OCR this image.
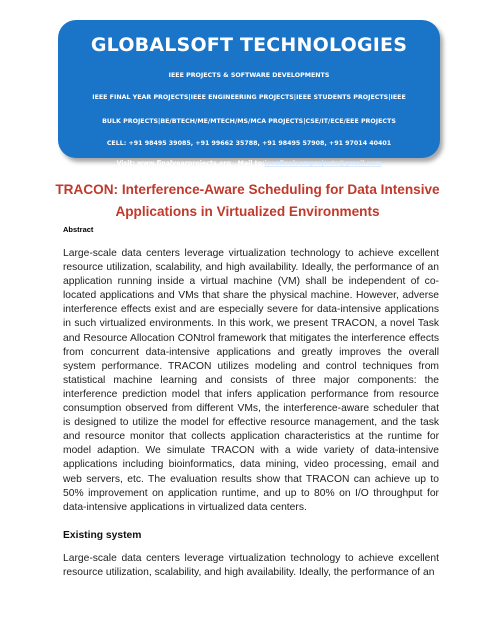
GLOBALSOFT TECHNOLOGIES
IEEE PROJECTS & SOFTWARE DEVELOPMENTS
IEEE FINAL YEAR PROJECTS|IEEE ENGINEERING PROJECTS|IEEE STUDENTS PROJECTS|IEEE
BULK PROJECTS|BE/BTECH/ME/MTECH/MS/MCA PROJECTS|CSE/IT/ECE/EEE PROJECTS
CELL: +91 98495 39085, +91 99662 35788, +91 98495 57908, +91 97014 40401
Visit: www.finalyearprojects.org Mail to:ieeefinalsemprojects@gmail.com
TRACON: Interference-Aware Scheduling for Data Intensive
Applications in Virtualized Environments
Abstract
Large-scale data centers leverage virtualization technology to achieve excellent resource utilization, scalability, and high availability. Ideally, the performance of an application running inside a virtual machine (VM) shall be independent of co-located applications and VMs that share the physical machine. However, adverse interference effects exist and are especially severe for data-intensive applications in such virtualized environments. In this work, we present TRACON, a novel Task and Resource Allocation CONtrol framework that mitigates the interference effects from concurrent data-intensive applications and greatly improves the overall system performance. TRACON utilizes modeling and control techniques from statistical machine learning and consists of three major components: the interference prediction model that infers application performance from resource consumption observed from different VMs, the interference-aware scheduler that is designed to utilize the model for effective resource management, and the task and resource monitor that collects application characteristics at the runtime for model adaption. We simulate TRACON with a wide variety of data-intensive applications including bioinformatics, data mining, video processing, email and web servers, etc. The evaluation results show that TRACON can achieve up to 50% improvement on application runtime, and up to 80% on I/O throughput for data-intensive applications in virtualized data centers.
Existing system
Large-scale data centers leverage virtualization technology to achieve excellent resource utilization, scalability, and high availability. Ideally, the performance of an
